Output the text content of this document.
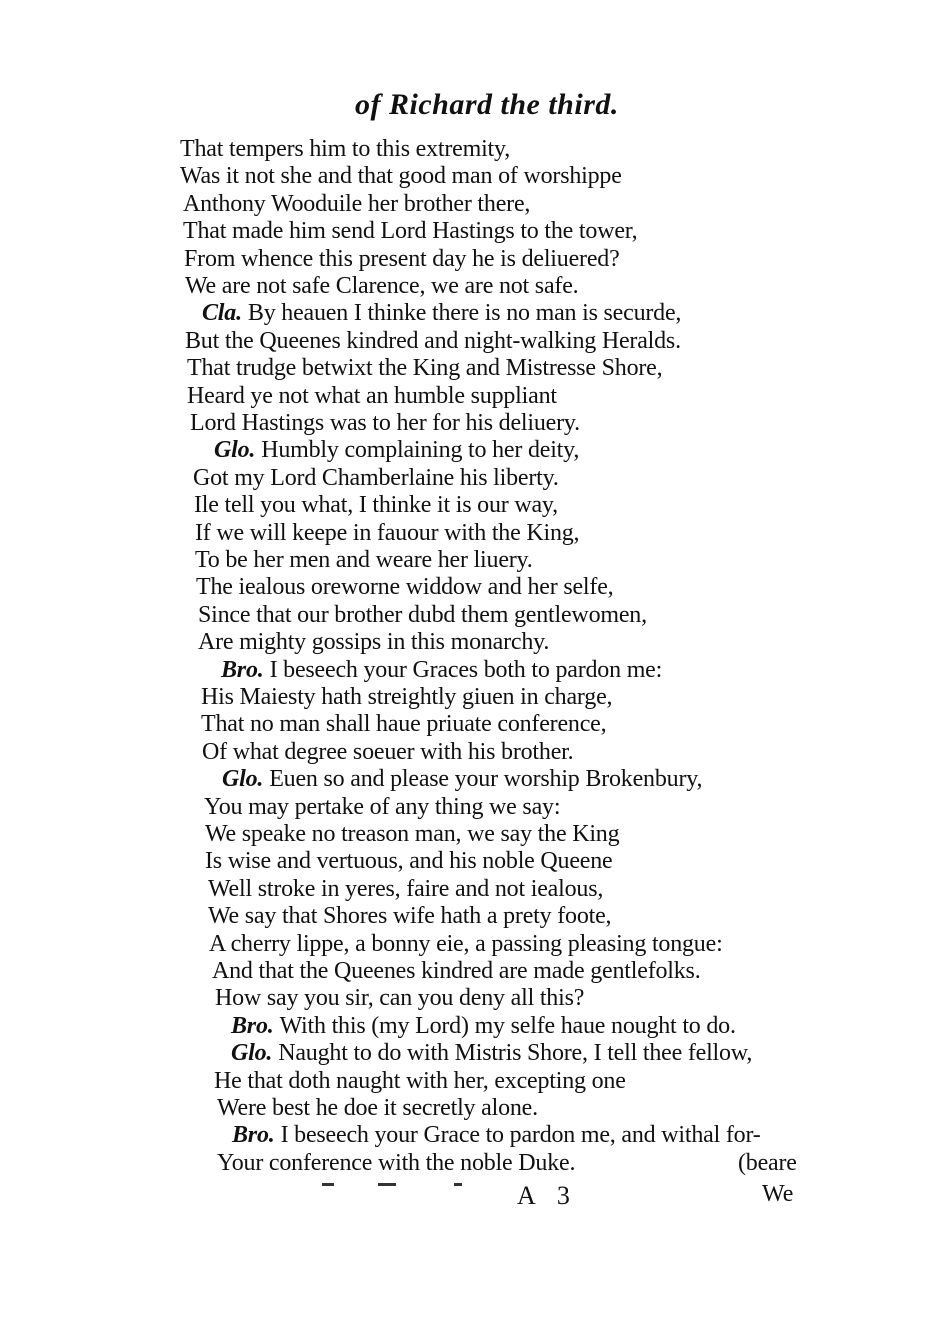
of Richard the third.
That tempers him to this extremity,
Was it not she and that good man of worshippe
Anthony Wooduile her brother there,
That made him send Lord Hastings to the tower,
From whence this present day he is deliuered?
We are not safe Clarence, we are not safe.
Cla. By heauen I thinke there is no man is securde,
But the Queenes kindred and night-walking Heralds.
That trudge betwixt the King and Mistresse Shore,
Heard ye not what an humble suppliant
Lord Hastings was to her for his deliuery.
Glo. Humbly complaining to her deity,
Got my Lord Chamberlaine his liberty.
Ile tell you what, I thinke it is our way,
If we will keepe in fauour with the King,
To be her men and weare her liuery.
The iealous oreworne widdow and her selfe,
Since that our brother dubd them gentlewomen,
Are mighty gossips in this monarchy.
Bro. I beseech your Graces both to pardon me:
His Maiesty hath streightly giuen in charge,
That no man shall haue priuate conference,
Of what degree soeuer with his brother.
Glo. Euen so and please your worship Brokenbury,
You may pertake of any thing we say:
We speake no treason man, we say the King
Is wise and vertuous, and his noble Queene
Well stroke in yeres, faire and not iealous,
We say that Shores wife hath a prety foote,
A cherry lippe, a bonny eie, a passing pleasing tongue:
And that the Queenes kindred are made gentlefolks.
How say you sir, can you deny all this?
Bro. With this (my Lord) my selfe haue nought to do.
Glo. Naught to do with Mistris Shore, I tell thee fellow,
He that doth naught with her, excepting one
Were best he doe it secretly alone.
Bro. I beseech your Grace to pardon me, and withal for-
Your conference with the noble Duke.	(beare
A 3	We
